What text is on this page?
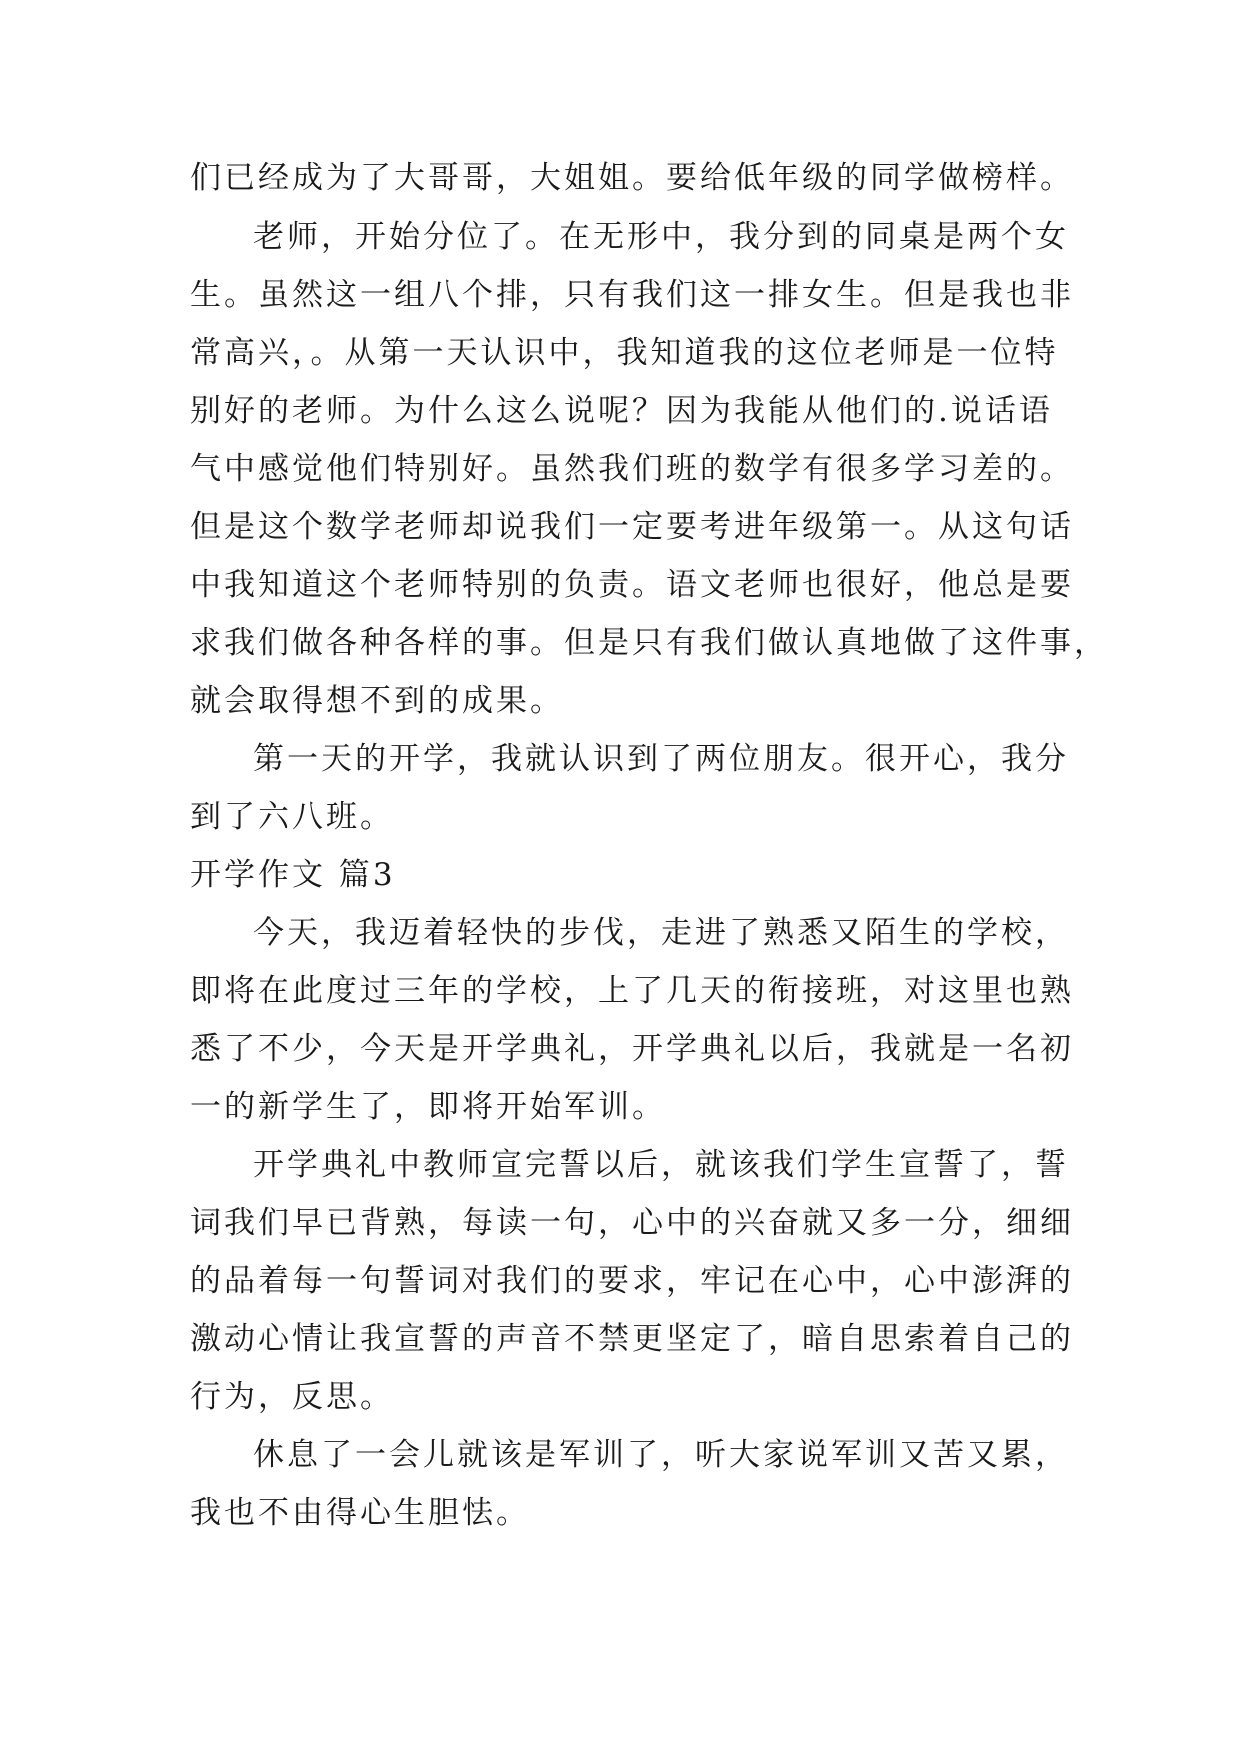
们已经成为了大哥哥，大姐姐。要给低年级的同学做榜样。
老师，开始分位了。在无形中，我分到的同桌是两个女
生。虽然这一组八个排，只有我们这一排女生。但是我也非
常高兴，。从第一天认识中，我知道我的这位老师是一位特
别好的老师。为什么这么说呢？因为我能从他们的.说话语
气中感觉他们特别好。虽然我们班的数学有很多学习差的。
但是这个数学老师却说我们一定要考进年级第一。从这句话
中我知道这个老师特别的负责。语文老师也很好，他总是要
求我们做各种各样的事。但是只有我们做认真地做了这件事，
就会取得想不到的成果。
第一天的开学，我就认识到了两位朋友。很开心，我分
到了六八班。
开学作文 篇3
今天，我迈着轻快的步伐，走进了熟悉又陌生的学校，
即将在此度过三年的学校，上了几天的衔接班，对这里也熟
悉了不少，今天是开学典礼，开学典礼以后，我就是一名初
一的新学生了，即将开始军训。
开学典礼中教师宣完誓以后，就该我们学生宣誓了，誓
词我们早已背熟，每读一句，心中的兴奋就又多一分，细细
的品着每一句誓词对我们的要求，牢记在心中，心中澎湃的
激动心情让我宣誓的声音不禁更坚定了，暗自思索着自己的
行为，反思。
休息了一会儿就该是军训了，听大家说军训又苦又累，
我也不由得心生胆怯。
